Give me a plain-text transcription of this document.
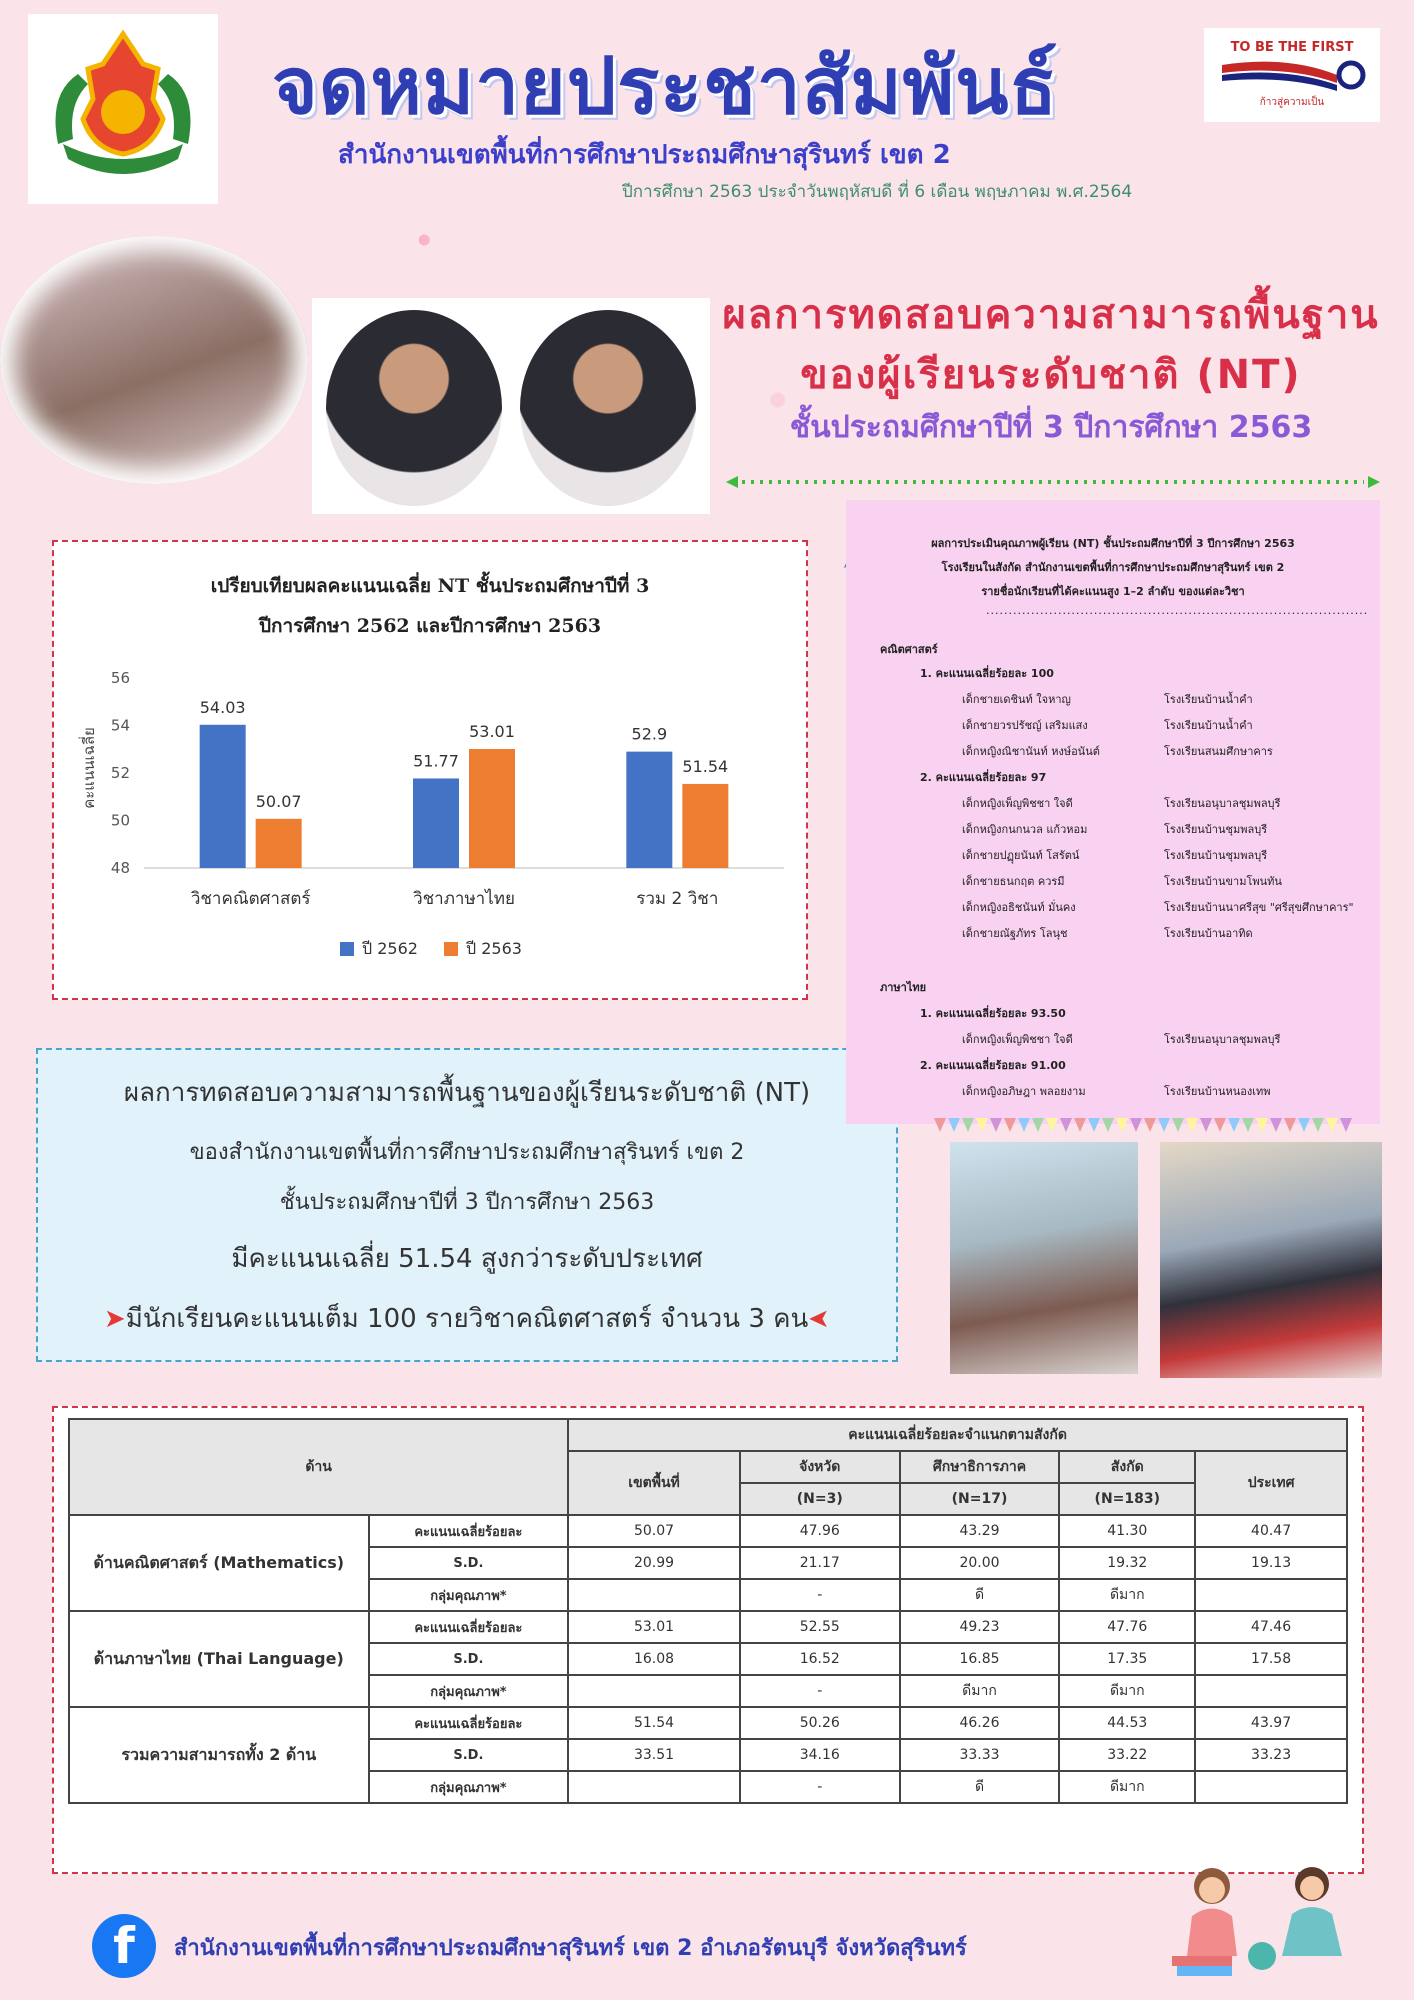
จดหมายประชาสัมพันธ์
สำนักงานเขตพื้นที่การศึกษาประถมศึกษาสุรินทร์ เขต 2
ปีการศึกษา 2563 ประจำวันพฤหัสบดี ที่ 6 เดือน พฤษภาคม พ.ศ.2564
TO BE THE FIRST
ก้าวสู่ความเป็น
ผลการทดสอบความสามารถพื้นฐาน
ของผู้เรียนระดับชาติ (NT)
ชั้นประถมศึกษาปีที่ 3 ปีการศึกษา 2563
เปรียบเทียบผลคะแนนเฉลี่ย NT ชั้นประถมศึกษาปีที่ 3
ปีการศึกษา 2562 และปีการศึกษา 2563
คะแนนเฉลี่ย
48
50
52
54
56
54.03
50.07
วิชาคณิตศาสตร์
51.77
53.01
วิชาภาษาไทย
52.9
51.54
รวม 2 วิชา
ปี 2562	ปี 2563
ผลการทดสอบความสามารถพื้นฐานของผู้เรียนระดับชาติ (NT)
ของสำนักงานเขตพื้นที่การศึกษาประถมศึกษาสุรินทร์ เขต 2
ชั้นประถมศึกษาปีที่ 3 ปีการศึกษา 2563
มีคะแนนเฉลี่ย 51.54 สูงกว่าระดับประเทศ
➤มีนักเรียนคะแนนเต็ม 100 รายวิชาคณิตศาสตร์ จำนวน 3 คน➤
ผลการประเมินคุณภาพผู้เรียน (NT) ชั้นประถมศึกษาปีที่ 3 ปีการศึกษา 2563
โรงเรียนในสังกัด สำนักงานเขตพื้นที่การศึกษาประถมศึกษาสุรินทร์ เขต 2
รายชื่อนักเรียนที่ได้คะแนนสูง 1–2 ลำดับ ของแต่ละวิชา
.....................................................................................
คณิตศาสตร์
1. คะแนนเฉลี่ยร้อยละ 100
เด็กชายเดชินท์ ใจหาญ	โรงเรียนบ้านน้ำคำ
เด็กชายวรปรัชญ์ เสริมแสง	โรงเรียนบ้านน้ำคำ
เด็กหญิงณิชานันท์ หงษ์อนันต์	โรงเรียนสนมศึกษาคาร
2. คะแนนเฉลี่ยร้อยละ 97
เด็กหญิงเพ็ญพิชชา ใจดี	โรงเรียนอนุบาลชุมพลบุรี
เด็กหญิงกนกนวล แก้วหอม	โรงเรียนบ้านชุมพลบุรี
เด็กชายปฏุยนันท์ โสรัตน์	โรงเรียนบ้านชุมพลบุรี
เด็กชายธนกฤต ควรมี	โรงเรียนบ้านขามโพนทัน
เด็กหญิงอธิชนันท์ มั่นคง	โรงเรียนบ้านนาศรีสุข "ศรีสุขศึกษาคาร"
เด็กชายณัฐภัทร โลนุช	โรงเรียนบ้านอาทิด
ภาษาไทย
1. คะแนนเฉลี่ยร้อยละ 93.50
เด็กหญิงเพ็ญพิชชา ใจดี	โรงเรียนอนุบาลชุมพลบุรี
2. คะแนนเฉลี่ยร้อยละ 91.00
เด็กหญิงอภิษฎา พลอยงาม	โรงเรียนบ้านหนองเทพ
ด้าน		คะแนนเฉลี่ยร้อยละจำแนกตามสังกัด				
		เขตพื้นที่	จังหวัด	ศึกษาธิการภาค	สังกัด	ประเทศ
			(N=3)	(N=17)	(N=183)	
ด้านคณิตศาสตร์ (Mathematics)	คะแนนเฉลี่ยร้อยละ	50.07	47.96	43.29	41.30	40.47
	S.D.	20.99	21.17	20.00	19.32	19.13
	กลุ่มคุณภาพ*		-	ดี	ดีมาก	
ด้านภาษาไทย (Thai Language)	คะแนนเฉลี่ยร้อยละ	53.01	52.55	49.23	47.76	47.46
	S.D.	16.08	16.52	16.85	17.35	17.58
	กลุ่มคุณภาพ*		-	ดีมาก	ดีมาก	
รวมความสามารถทั้ง 2 ด้าน	คะแนนเฉลี่ยร้อยละ	51.54	50.26	46.26	44.53	43.97
	S.D.	33.51	34.16	33.33	33.22	33.23
	กลุ่มคุณภาพ*		-	ดี	ดีมาก	
f	สำนักงานเขตพื้นที่การศึกษาประถมศึกษาสุรินทร์ เขต 2 อำเภอรัตนบุรี จังหวัดสุรินทร์
